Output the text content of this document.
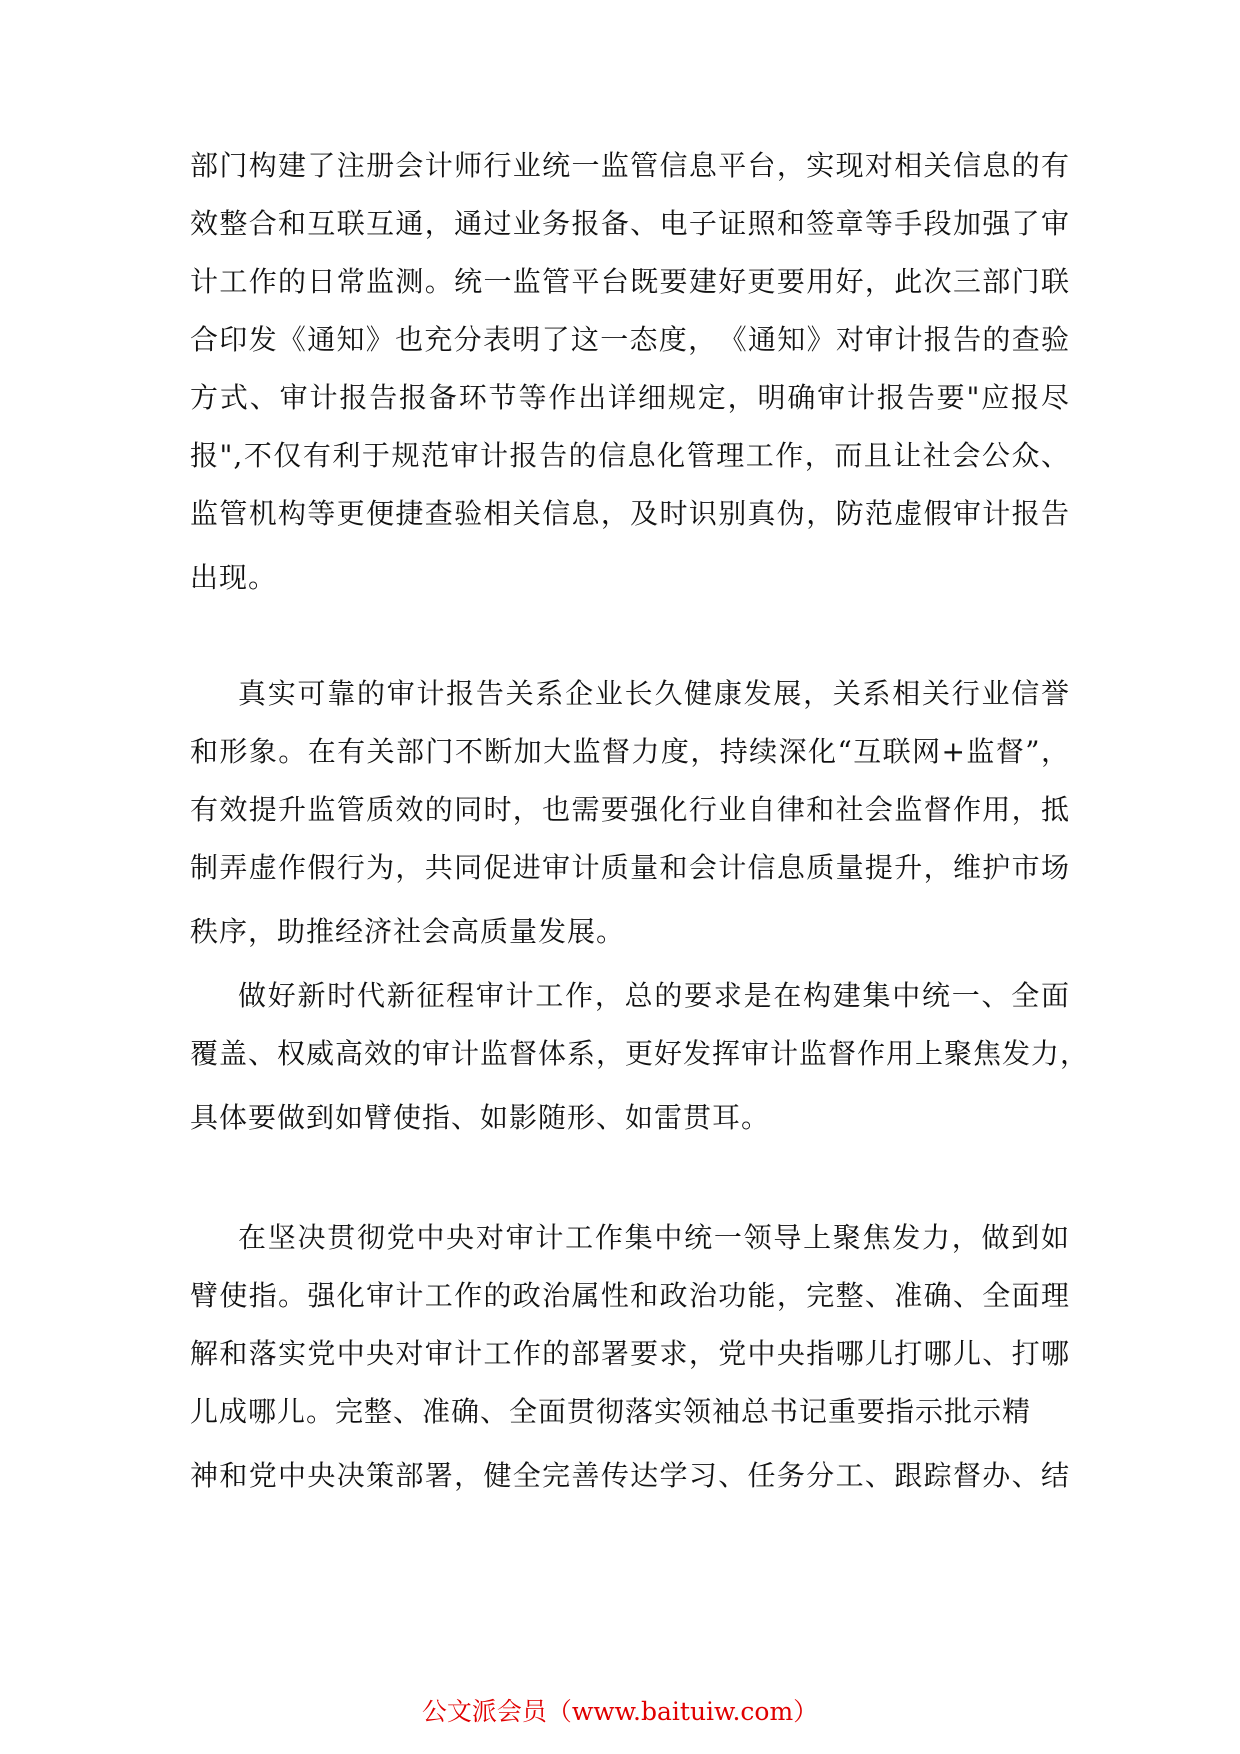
部门构建了注册会计师行业统一监管信息平台，实现对相关信息的有
效整合和互联互通，通过业务报备、电子证照和签章等手段加强了审
计工作的日常监测。统一监管平台既要建好更要用好，此次三部门联
合印发《通知》也充分表明了这一态度，　《通知》对审计报告的查验
方式、审计报告报备环节等作出详细规定，明确审计报告要"应报尽
报",不仅有利于规范审计报告的信息化管理工作，而且让社会公众、
监管机构等更便捷查验相关信息，及时识别真伪，防范虚假审计报告
出现。
真实可靠的审计报告关系企业长久健康发展，关系相关行业信誉
和形象。在有关部门不断加大监督力度，持续深化“互联网+监督”，
有效提升监管质效的同时，也需要强化行业自律和社会监督作用，抵
制弄虚作假行为，共同促进审计质量和会计信息质量提升，维护市场
秩序，助推经济社会高质量发展。
做好新时代新征程审计工作，总的要求是在构建集中统一、全面
覆盖、权威高效的审计监督体系，更好发挥审计监督作用上聚焦发力，
具体要做到如臂使指、如影随形、如雷贯耳。
在坚决贯彻党中央对审计工作集中统一领导上聚焦发力，做到如
臂使指。强化审计工作的政治属性和政治功能，完整、准确、全面理
解和落实党中央对审计工作的部署要求，党中央指哪儿打哪儿、打哪
儿成哪儿。完整、准确、全面贯彻落实领袖总书记重要指示批示精
神和党中央决策部署，健全完善传达学习、任务分工、跟踪督办、结
公文派会员（www.baituiw.com）
